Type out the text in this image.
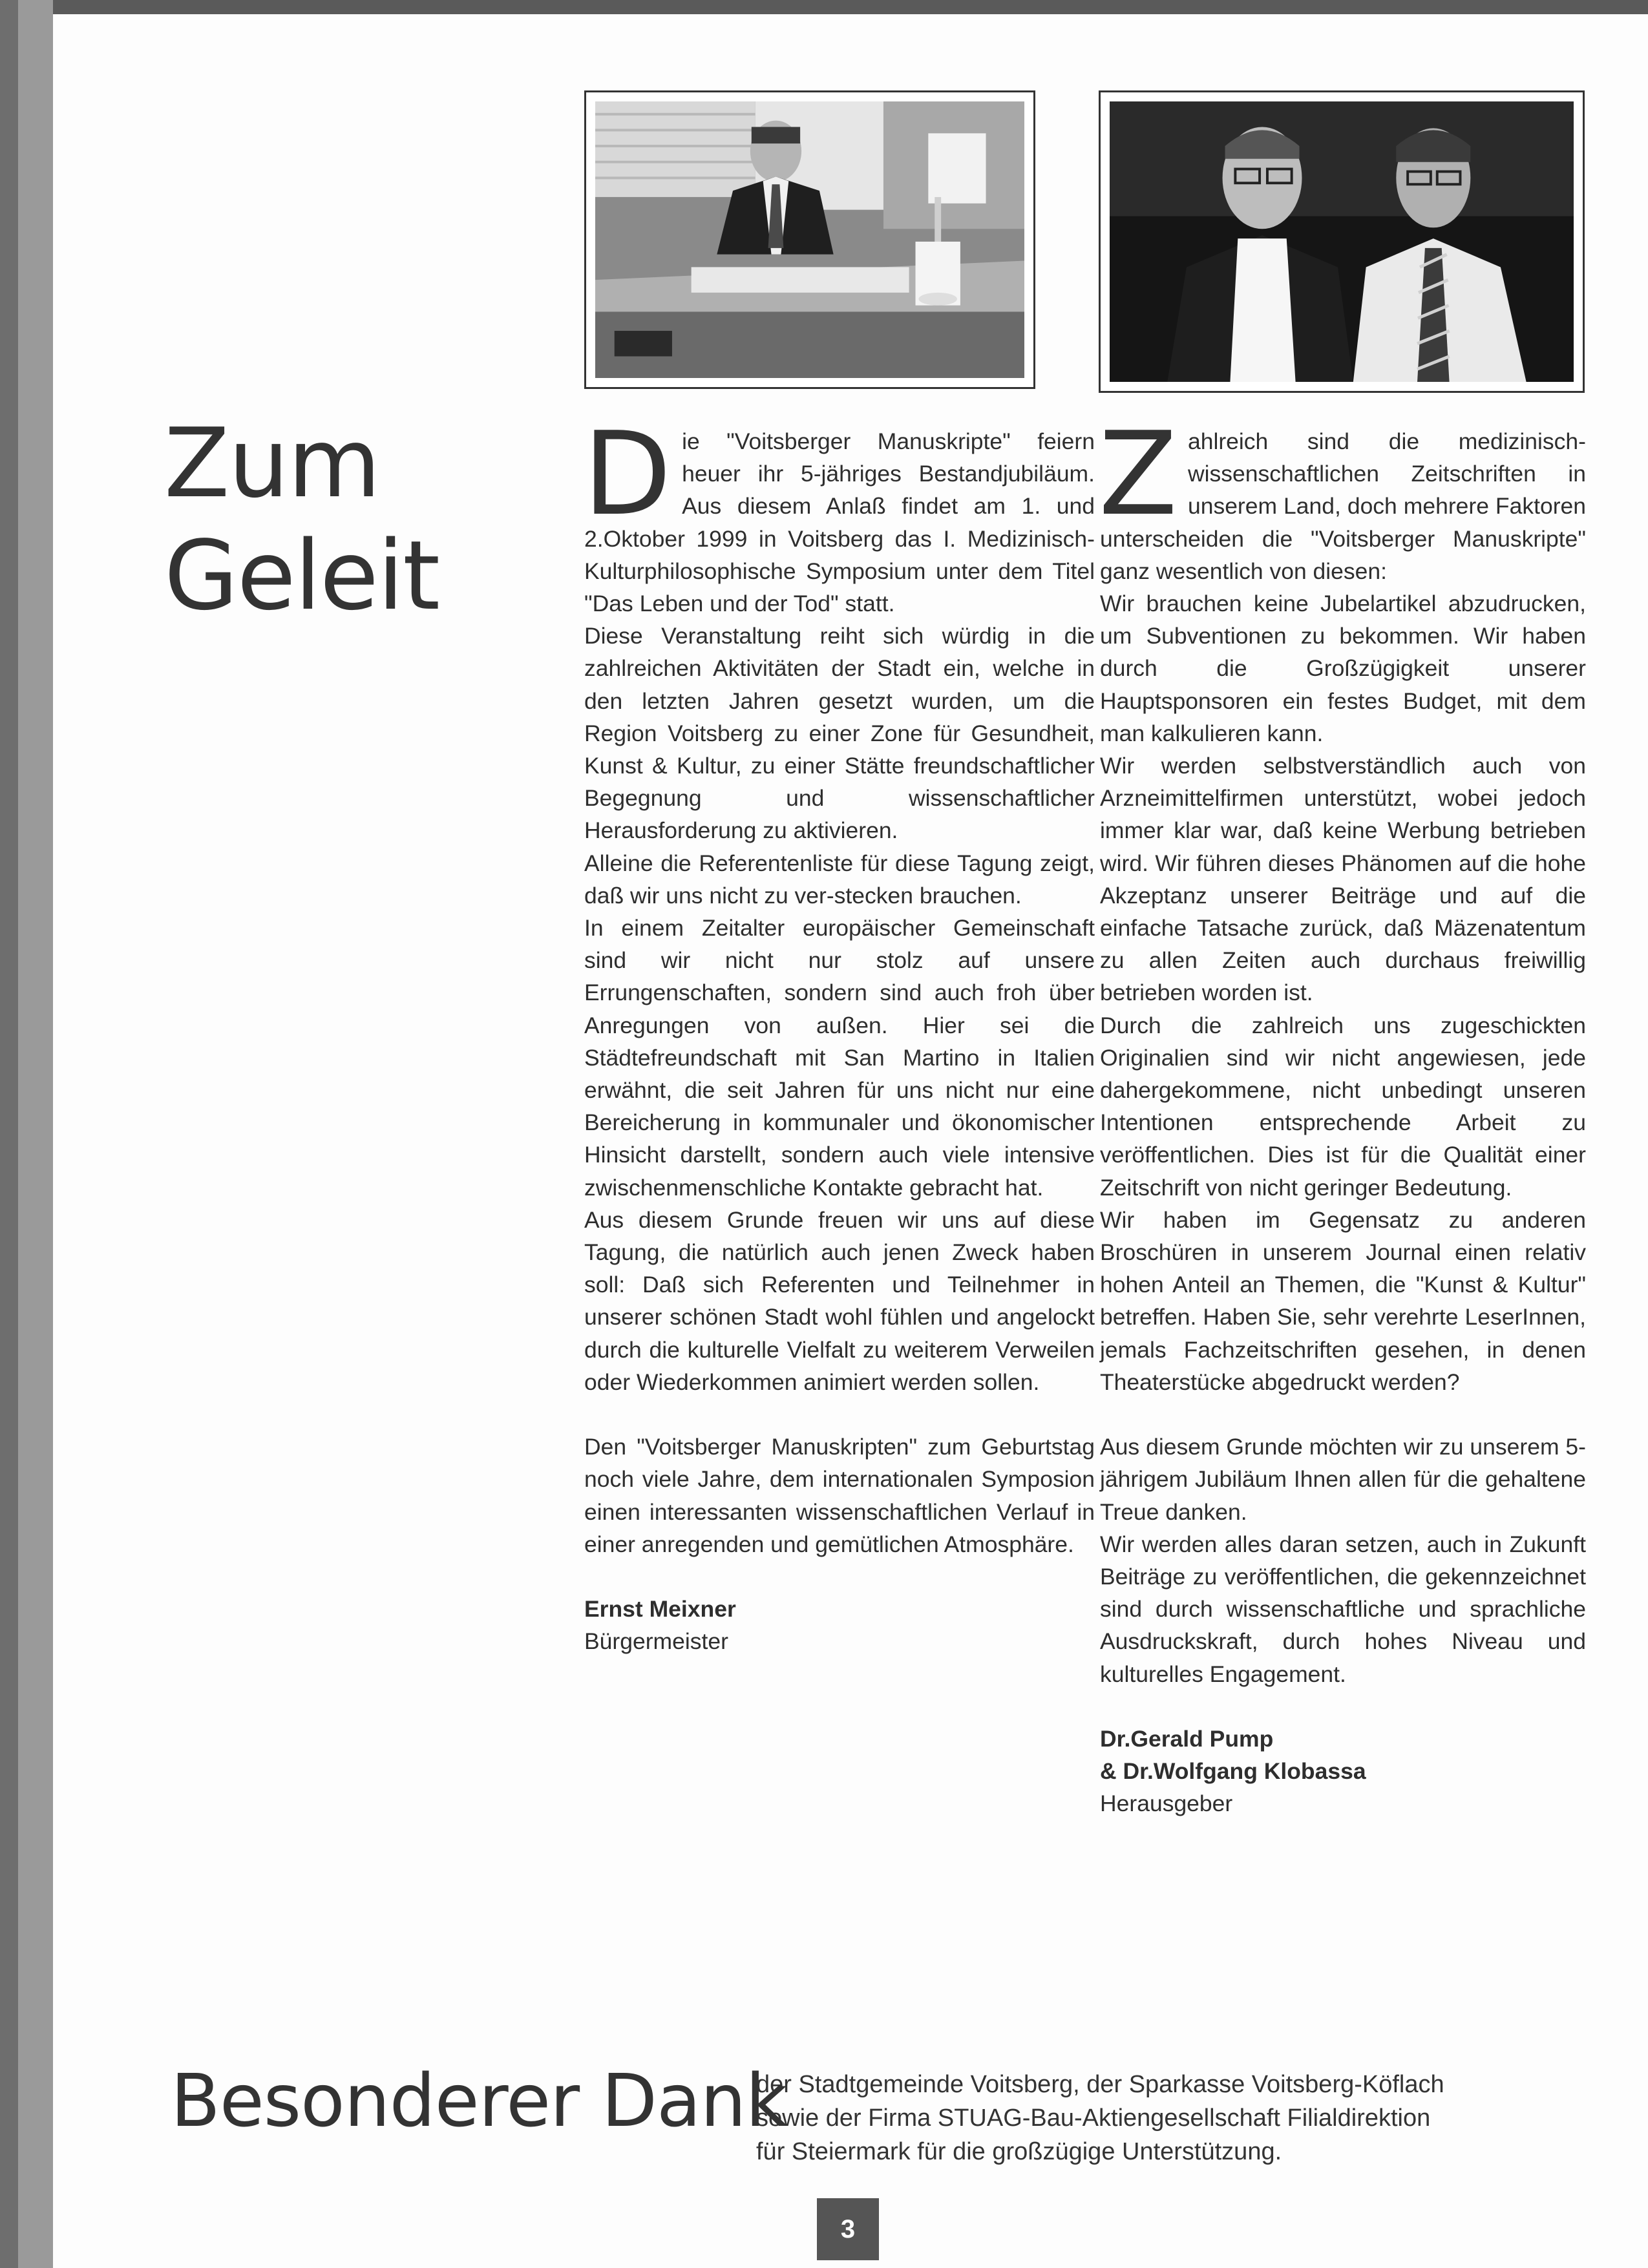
Zum
Geleit

Die "Voitsberger Manuskripte" feiern heuer ihr 5-jähriges Bestandjubiläum. Aus diesem Anlaß findet am 1. und 2.Oktober 1999 in Voitsberg das I. Medizinisch-Kulturphilosophische Symposium unter dem Titel "Das Leben und der Tod" statt.

Diese Veranstaltung reiht sich würdig in die zahlreichen Aktivitäten der Stadt ein, welche in den letzten Jahren gesetzt wurden, um die Region Voitsberg zu einer Zone für Gesundheit, Kunst & Kultur, zu einer Stätte freundschaftlicher Begegnung und wissenschaftlicher Herausforderung zu aktivieren.

Alleine die Referentenliste für diese Tagung zeigt, daß wir uns nicht zu ver-stecken brauchen.

In einem Zeitalter europäischer Gemeinschaft sind wir nicht nur stolz auf unsere Errungenschaften, sondern sind auch froh über Anregungen von außen. Hier sei die Städtefreundschaft mit San Martino in Italien erwähnt, die seit Jahren für uns nicht nur eine Bereicherung in kommunaler und ökonomischer Hinsicht darstellt, sondern auch viele intensive zwischenmenschliche Kontakte gebracht hat.

Aus diesem Grunde freuen wir uns auf diese Tagung, die natürlich auch jenen Zweck haben soll: Daß sich Referenten und Teilnehmer in unserer schönen Stadt wohl fühlen und angelockt durch die kulturelle Vielfalt zu weiterem Verweilen oder Wiederkommen animiert werden sollen.

Den "Voitsberger Manuskripten" zum Geburtstag noch viele Jahre, dem internationalen Symposion einen interessanten wissenschaftlichen Verlauf in einer anregenden und gemütlichen Atmosphäre.

Ernst Meixner

Bürgermeister

Zahlreich sind die medizinisch-wissenschaftlichen Zeitschriften in unserem Land, doch mehrere Faktoren unterscheiden die "Voitsberger Manuskripte" ganz wesentlich von diesen:

Wir brauchen keine Jubelartikel abzudrucken, um Subventionen zu bekommen. Wir haben durch die Großzügigkeit unserer Hauptsponsoren ein festes Budget, mit dem man kalkulieren kann.

Wir werden selbstverständlich auch von Arzneimittelfirmen unterstützt, wobei jedoch immer klar war, daß keine Werbung betrieben wird. Wir führen dieses Phänomen auf die hohe Akzeptanz unserer Beiträge und auf die einfache Tatsache zurück, daß Mäzenatentum zu allen Zeiten auch durchaus freiwillig betrieben worden ist.

Durch die zahlreich uns zugeschickten Originalien sind wir nicht angewiesen, jede dahergekommene, nicht unbedingt unseren Intentionen entsprechende Arbeit zu veröffentlichen. Dies ist für die Qualität einer Zeitschrift von nicht geringer Bedeutung.

Wir haben im Gegensatz zu anderen Broschüren in unserem Journal einen relativ hohen Anteil an Themen, die "Kunst & Kultur" betreffen. Haben Sie, sehr verehrte LeserInnen, jemals Fachzeitschriften gesehen, in denen Theaterstücke abgedruckt werden?

Aus diesem Grunde möchten wir zu unserem 5-jährigem Jubiläum Ihnen allen für die gehaltene Treue danken.

Wir werden alles daran setzen, auch in Zukunft Beiträge zu veröffentlichen, die gekennzeichnet sind durch wissenschaftliche und sprachliche Ausdruckskraft, durch hohes Niveau und kulturelles Engagement.

Dr.Gerald Pump

& Dr.Wolfgang Klobassa

Herausgeber

Besonderer Dank
der Stadtgemeinde Voitsberg, der Sparkasse Voitsberg-Köflach
sowie der Firma STUAG-Bau-Aktiengesellschaft Filialdirektion
für Steiermark für die großzügige Unterstützung.
3
